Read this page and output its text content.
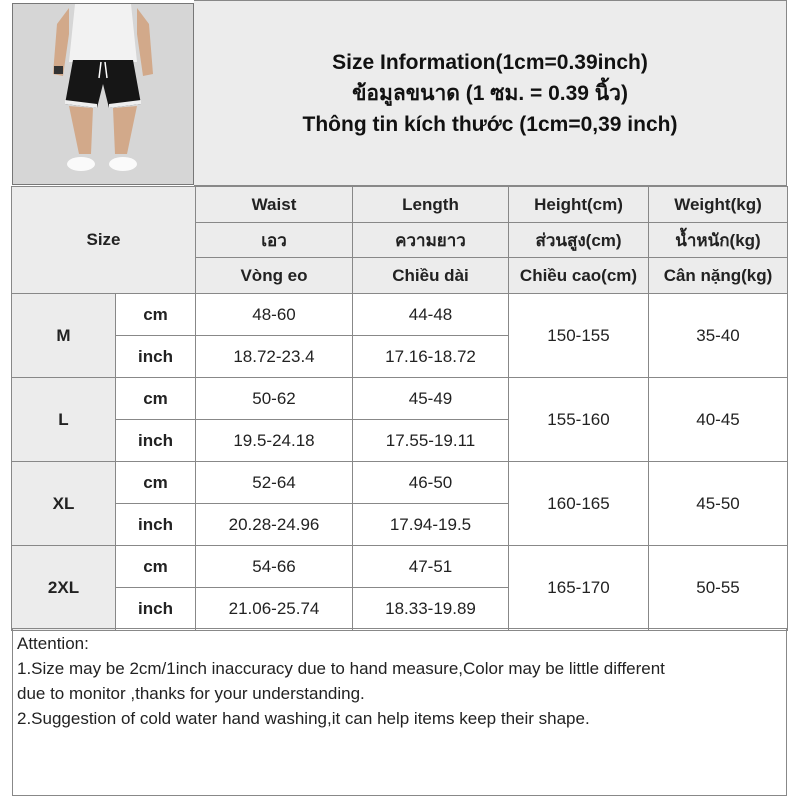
Size Information(1cm=0.39inch)
ข้อมูลขนาด (1 ซม. = 0.39 นิ้ว)
Thông tin kích thước (1cm=0,39 inch)
Size		Waist	Length	Height(cm)	Weight(kg)
		เอว	ความยาว	ส่วนสูง(cm)	น้ำหนัก(kg)
		Vòng eo	Chiều dài	Chiều cao(cm)	Cân nặng(kg)
M	cm	48-60	44-48	150-155	35-40
	inch	18.72-23.4	17.16-18.72		
L	cm	50-62	45-49	155-160	40-45
	inch	19.5-24.18	17.55-19.11		
XL	cm	52-64	46-50	160-165	45-50
	inch	20.28-24.96	17.94-19.5		
2XL	cm	54-66	47-51	165-170	50-55
	inch	21.06-25.74	18.33-19.89		
Attention:
1.Size may be 2cm/1inch inaccuracy due to hand measure,Color may be little different
due to monitor ,thanks for your understanding.
2.Suggestion of cold water hand washing,it can help items keep their shape.
